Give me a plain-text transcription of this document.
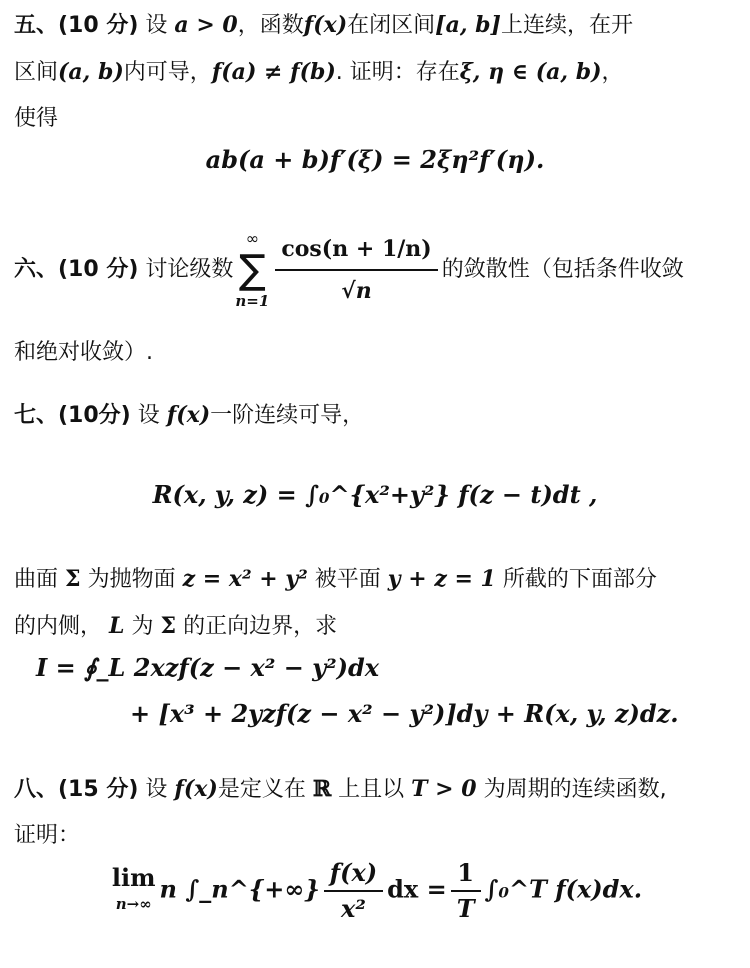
五、(10 分) 设 a > 0，函数f(x)在闭区间[a, b]上连续，在开
区间(a, b)内可导，f(a) ≠ f(b). 证明：存在ξ, η ∈ (a, b)，
使得
ab(a + b)f′(ξ) = 2ξη²f′(η).
六、(10 分) 讨论级数
∞
∑
$n=1 \frac{\cos(n + 1/n)}{√n}$ 的敛散性（包括条件收敛
和绝对收敛）.
七、(10分) 设 f(x)一阶连续可导，
R(x, y, z) = ∫₀^{x²+y²} f(z − t)dt ,
曲面 Σ 为抛物面 z = x² + y² 被平面 y + z = 1 所截的下面部分
的内侧， L 为 Σ 的正向边界，求
I = ∮_L 2xzf(z − x² − y²)dx
+ [x³ + 2yzf(z − x² − y²)]dy + R(x, y, z)dz.
八、(15 分) 设 f(x)是定义在 ℝ 上且以 T > 0 为周期的连续函数,
证明：
lim
n→∞
n ∫_n^{+∞} $\frac{f(x)}{\text{x²}}$ dx = $\frac{1}{T}$ ∫₀^T f(x)dx.
